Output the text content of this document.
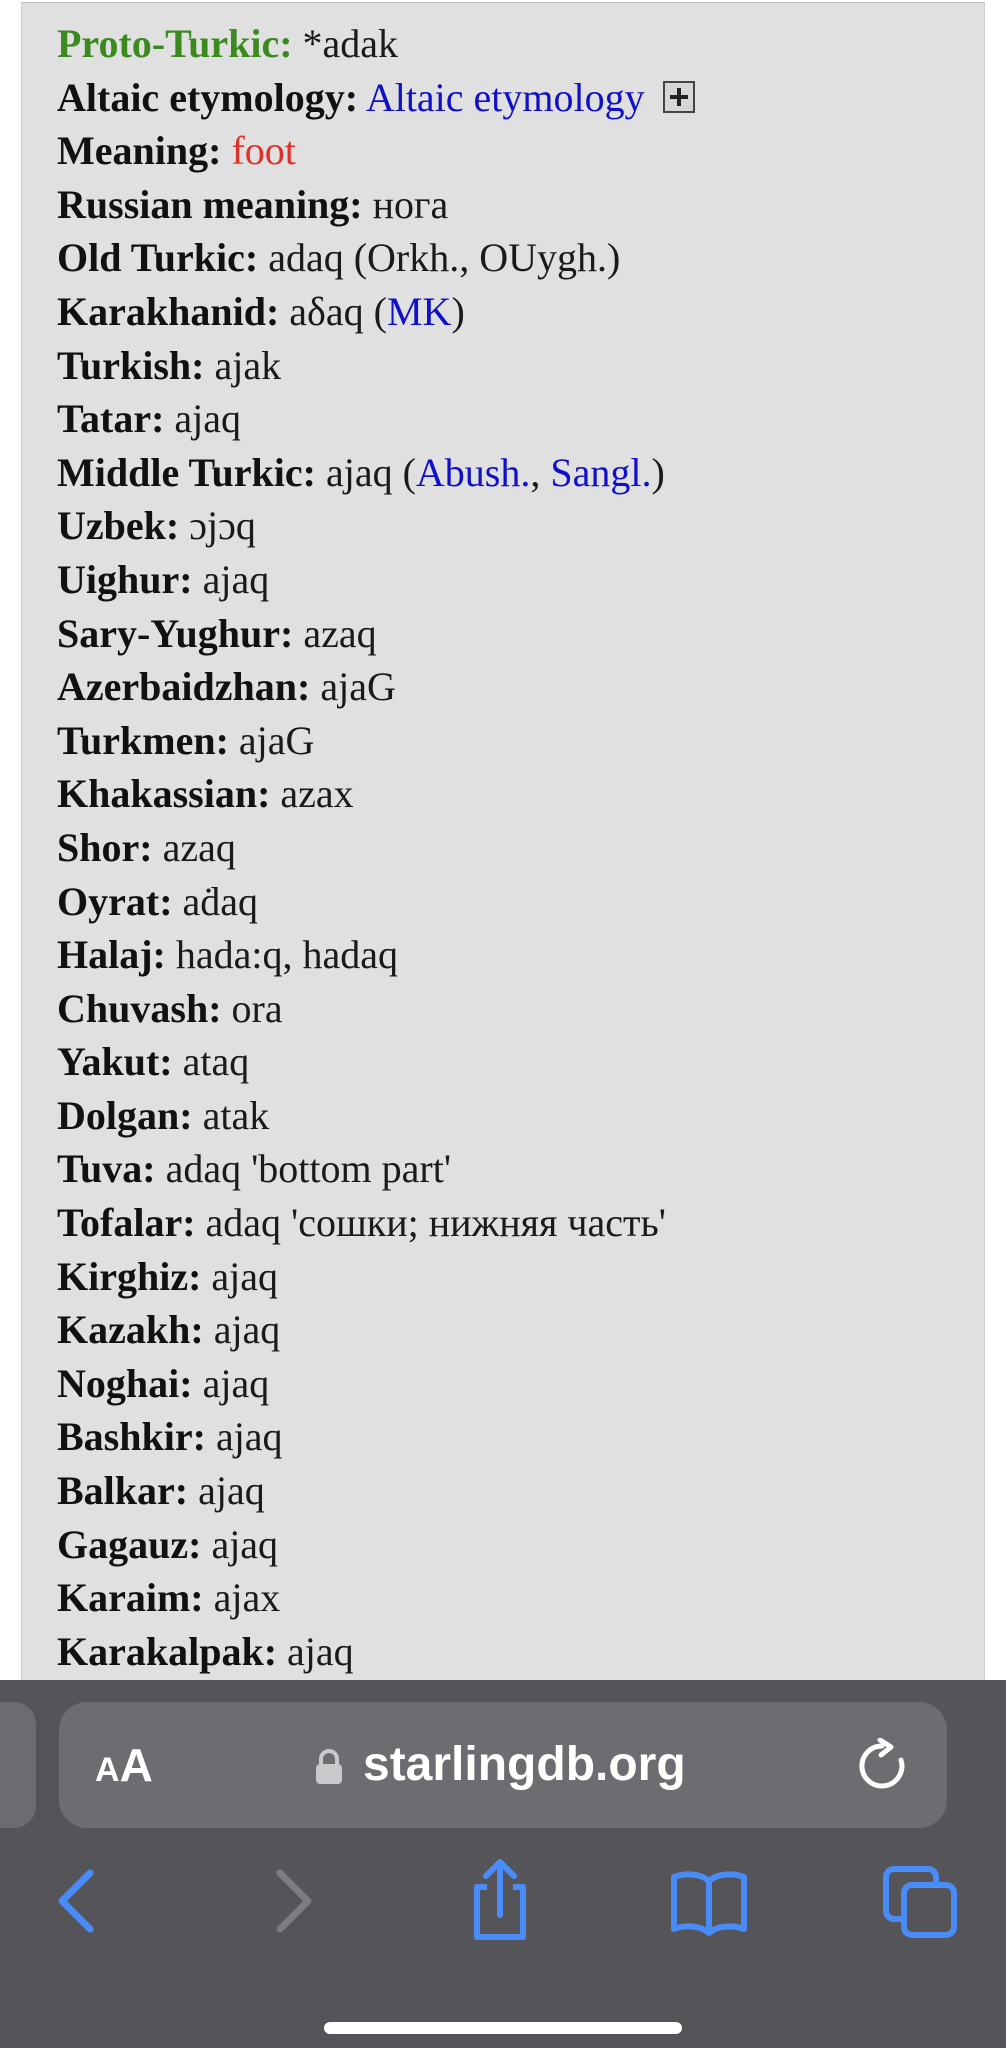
Proto-Turkic: *adak
Altaic etymology: Altaic etymology
Meaning: foot
Russian meaning: нога
Old Turkic: adaq (Orkh., OUygh.)
Karakhanid: aδaq (MK)
Turkish: ajak
Tatar: ajaq
Middle Turkic: ajaq (Abush., Sangl.)
Uzbek: ɔjɔq
Uighur: ajaq
Sary-Yughur: azaq
Azerbaidzhan: ajaG
Turkmen: ajaG
Khakassian: azax
Shor: azaq
Oyrat: aḋaq
Halaj: hada:q, hadaq
Chuvash: ora
Yakut: ataq
Dolgan: atak
Tuva: adaq 'bottom part'
Tofalar: adaq 'сошки; нижняя часть'
Kirghiz: ajaq
Kazakh: ajaq
Noghai: ajaq
Bashkir: ajaq
Balkar: ajaq
Gagauz: ajaq
Karaim: ajax
Karakalpak: ajaq
AA	starlingdb.org
